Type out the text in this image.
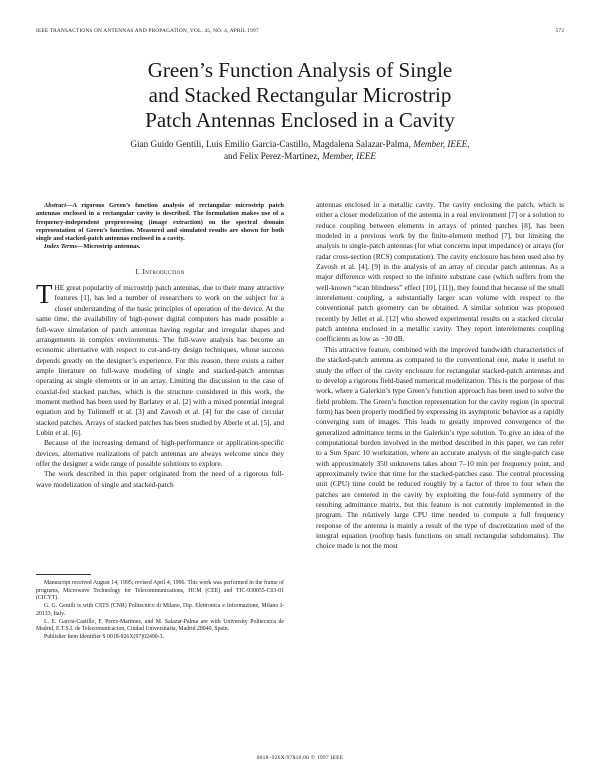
IEEE TRANSACTIONS ON ANTENNAS AND PROPAGATION, VOL. 45, NO. 4, APRIL 1997	573
Green’s Function Analysis of Single
and Stacked Rectangular Microstrip
Patch Antennas Enclosed in a Cavity
Gian Guido Gentili, Luis Emilio Garcia-Castillo, Magdalena Salazar-Palma, Member, IEEE,
and Felix Perez-Martinez, Member, IEEE

Abstract—A rigorous Green’s function analysis of rectangular microstrip patch antennas enclosed in a rectangular cavity is described. The formulation makes use of a frequency-independent preprocessing (image extraction) on the spectral domain representation of Green’s function. Measured and simulated results are shown for both single and stacked-patch antennas enclosed in a cavity.

Index Terms—Microstrip antennas.

I. Introduction

THE great popularity of microstrip patch antennas, due to their many attractive features [1], has led a number of researchers to work on the subject for a closer understanding of the basic principles of operation of the device. At the same time, the availability of high-power digital computers has made possible a full-wave simulation of patch antennas having regular and irregular shapes and arrangements in complex environments. The full-wave analysis has become an economic alternative with respect to cut-and-try design techniques, whose success depends greatly on the designer’s experience. For this reason, there exists a rather ample literature on full-wave modeling of single and stacked-patch antennas operating as single elements or in an array. Limiting the discussion to the case of coaxial-fed stacked patches, which is the structure considered in this work, the moment method has been used by Barlatey et al. [2] with a mixed potential integral equation and by Tulinneff et al. [3] and Zavosh et al. [4] for the case of circular stacked patches. Arrays of stacked patches has been studied by Aberle et al. [5], and Lubin et al. [6].

Because of the increasing demand of high-performance or application-specific devices, alternative realizations of patch antennas are always welcome since they offer the designer a wide range of possible solutions to explore.

The work described in this paper originated from the need of a rigorous full-wave modelization of single and stacked-patch

Manuscript received August 14, 1995; revised April 4, 1996. This work was performed in the frame of programs, Microwave Technology for Telecommunications, HCM (CEE) and TIC-930055-C03-01 (CICYT).

G. G. Gentili is with CSTS (CNR) Politecnico di Milano, Dip. Elettronica e Informazione, Milano I-20133, Italy.

L. E. Garcia-Castillo, F. Perez-Martinez, and M. Salazar-Palma are with University Politecnica de Madrid, E.T.S.I. de Telecomunicacion, Ciudad Universitaria, Madrid 28040, Spain.

Publisher Item Identifier S 0018-926X(97)02490-3.

antennas enclosed in a metallic cavity. The cavity enclosing the patch, which is either a closer modelization of the antenna in a real environment [7] or a solution to reduce coupling between elements in arrays of printed patches [8], has been modeled in a previous work by the finite-element method [7], but limiting the analysis to single-patch antennas (for what concerns input impedance) or arrays (for radar cross-section (RCS) computation). The cavity enclosure has been used also by Zavosh et al. [4], [9] in the analysis of an array of circular patch antennas. As a major difference with respect to the infinite substrate case (which suffers from the well-known “scan blindness” effect [10], [11]), they found that because of the small interelement coupling, a substantially larger scan volume with respect to the conventional patch geometry can be obtained. A similar solution was proposed recently by Jellet et al. [12] who showed experimental results on a stacked circular patch antenna enclosed in a metallic cavity. They report interelements coupling coefficients as low as −30 dB.

This attractive feature, combined with the improved bandwidth characteristics of the stacked-patch antenna as compared to the conventional one, make it useful to study the effect of the cavity enclosure for rectangular stacked-patch antennas and to develop a rigorous field-based numerical modelization. This is the purpose of this work, where a Galerkin’s type Green’s function approach has been used to solve the field problem. The Green’s function representation for the cavity region (in spectral form) has been properly modified by expressing its asymptotic behavior as a rapidly converging sum of images. This leads to greatly improved convergence of the generalized admittance terms in the Galerkin’s type solution. To give an idea of the computational burden involved in the method described in this paper, we can refer to a Sun Sparc 10 workstation, where an accurate analysis of the single-patch case with approximately 350 unknowns takes about 7–10 min per frequency point, and approximately twice that time for the stacked-patches case. The central processing unit (CPU) time could be reduced roughly by a factor of three to four when the patches are centered in the cavity by exploiting the four-fold symmetry of the resulting admittance matrix, but this feature is not currently implemented in the program. The relatively large CPU time needed to compute a full frequency response of the antenna is mainly a result of the type of discretization used of the integral equation (rooftop basis functions on small rectangular subdomains). The choice made is not the most

0018–926X/97$10.00 © 1997 IEEE
